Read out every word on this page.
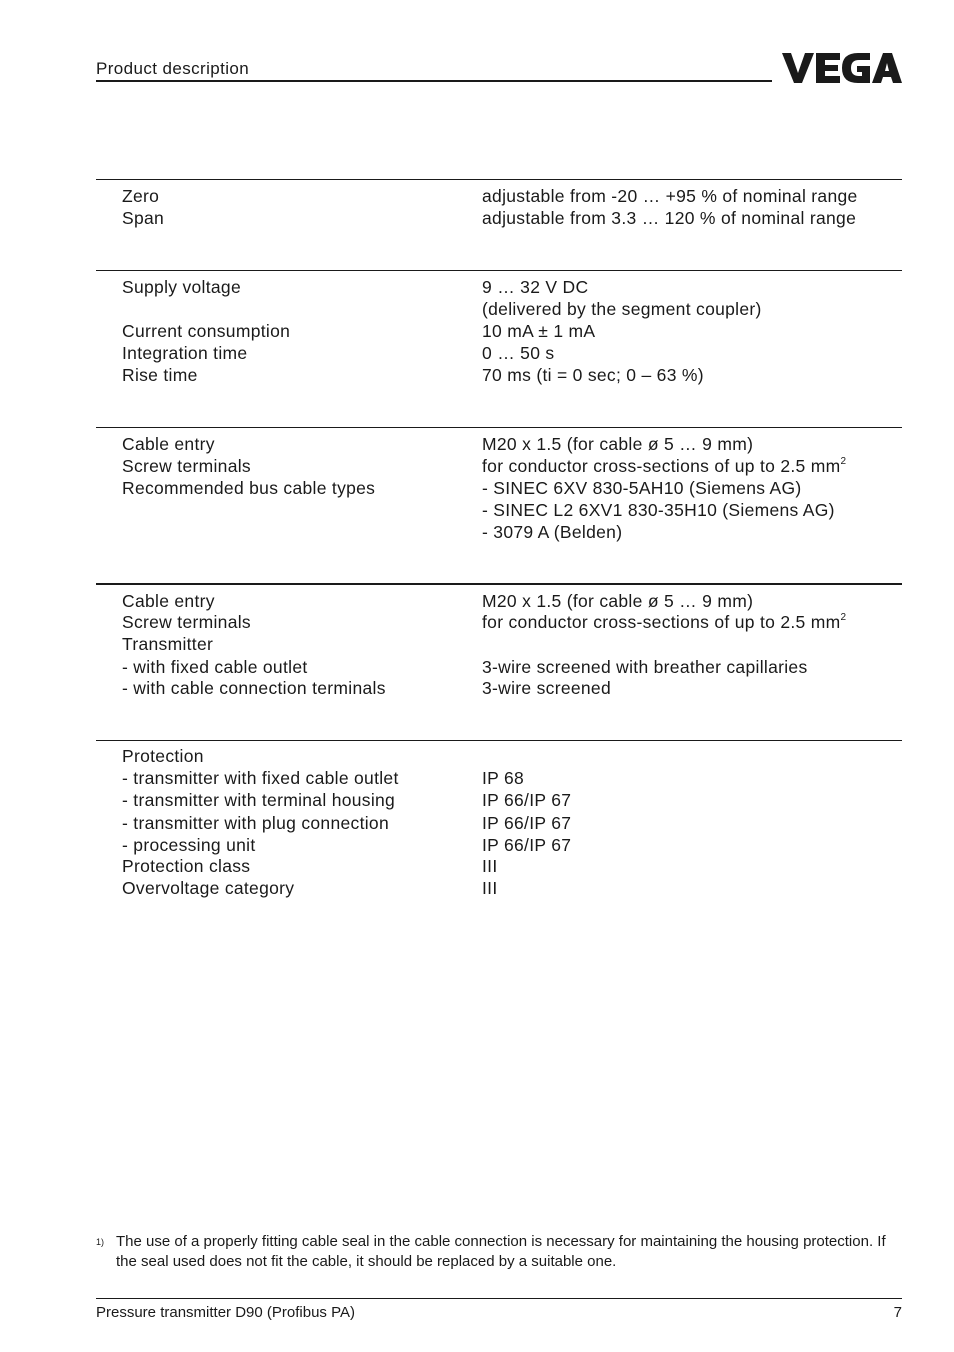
Product description
Zero	adjustable from -20 … +95 % of nominal range
Span	adjustable from 3.3 … 120 % of nominal range
Supply voltage	9 … 32 V DC
(delivered by the segment coupler)
Current consumption	10 mA ± 1 mA
Integration time	0 … 50 s
Rise time	70 ms (ti = 0 sec; 0 – 63 %)
Cable entry	M20 x 1.5 (for cable ø 5 … 9 mm)
Screw terminals	for conductor cross-sections of up to 2.5 $mm^2$
Recommended bus cable types	- SINEC 6XV 830-5AH10 (Siemens AG)
- SINEC L2 6XV1 830-35H10 (Siemens AG)
- 3079 A (Belden)
Cable entry	M20 x 1.5 (for cable ø 5 … 9 mm)
Screw terminals	for conductor cross-sections of up to 2.5 $mm^2$
Transmitter
- with fixed cable outlet	3-wire screened with breather capillaries
- with cable connection terminals	3-wire screened
Protection
- transmitter with fixed cable outlet	IP 68
- transmitter with terminal housing	IP 66/IP 67
- transmitter with plug connection	IP 66/IP 67
- processing unit	IP 66/IP 67
Protection class	III
Overvoltage category	III
1) The use of a properly fitting cable seal in the cable connection is necessary for maintaining the housing protection. If the seal used does not fit the cable, it should be replaced by a suitable one.
Pressure transmitter D90 (Profibus PA)	7
